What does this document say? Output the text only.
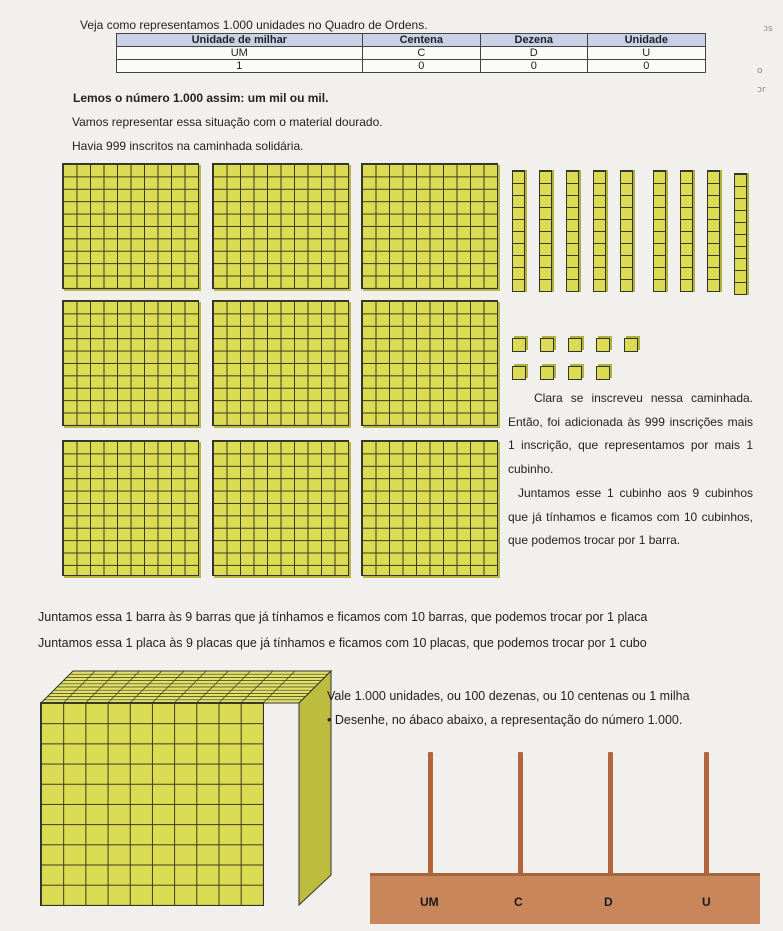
Veja como representamos 1.000 unidades no Quadro de Ordens.	ɔs
Unidade de milhar	Centena	Dezena	Unidade
UM	C	D	U
1	0	0	0	o
ɔr
Lemos o número 1.000 assim: um mil ou mil.
Vamos representar essa situação com o material dourado.
Havia 999 inscritos na caminhada solidária.
Clara se inscreveu nessa caminhada. Então, foi adicionada às 999 inscrições mais 1 inscrição, que representamos por mais 1 cubinho.
Juntamos esse 1 cubinho aos 9 cubinhos que já tínhamos e ficamos com 10 cubinhos, que podemos trocar por 1 barra.
Juntamos essa 1 barra às 9 barras que já tínhamos e ficamos com 10 barras, que podemos trocar por 1 placa
Juntamos essa 1 placa às 9 placas que já tínhamos e ficamos com 10 placas, que podemos trocar por 1 cubo
Vale 1.000 unidades, ou 100 dezenas, ou 10 centenas ou 1 milha
• Desenhe, no ábaco abaixo, a representação do número 1.000.
UM	C	D	U
